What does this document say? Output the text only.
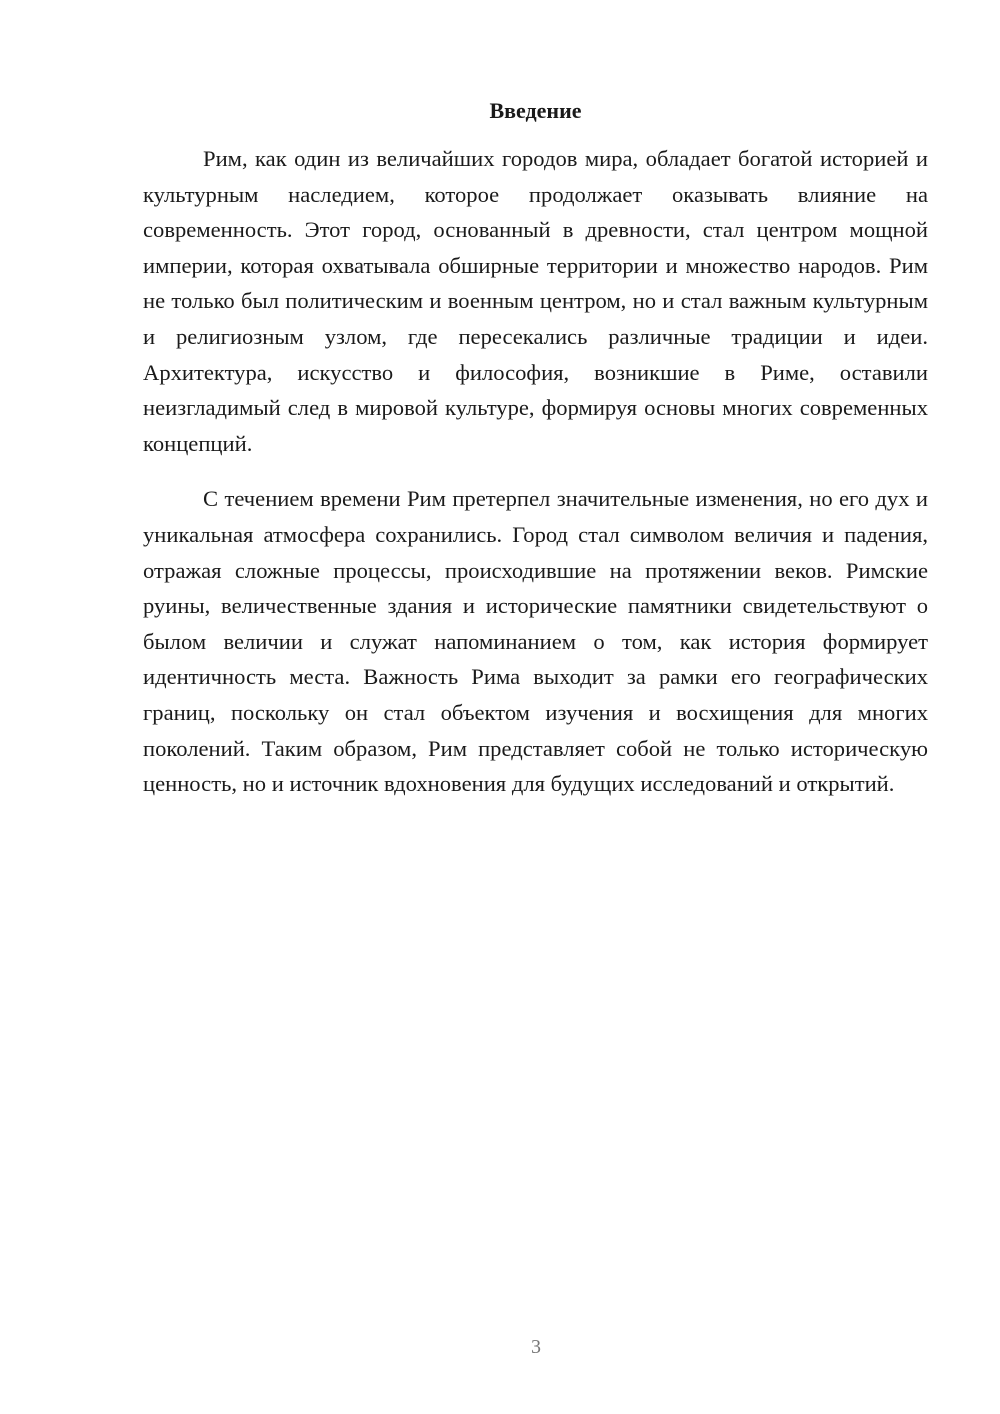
Введение

Рим, как один из величайших городов мира, обладает богатой историей и культурным наследием, которое продолжает оказывать влияние на современность. Этот город, основанный в древности, стал центром мощной империи, которая охватывала обширные территории и множество народов. Рим не только был политическим и военным центром, но и стал важным культурным и религиозным узлом, где пересекались различные традиции и идеи. Архитектура, искусство и философия, возникшие в Риме, оставили неизгладимый след в мировой культуре, формируя основы многих современных концепций.

С течением времени Рим претерпел значительные изменения, но его дух и уникальная атмосфера сохранились. Город стал символом величия и падения, отражая сложные процессы, происходившие на протяжении веков. Римские руины, величественные здания и исторические памятники свидетельствуют о былом величии и служат напоминанием о том, как история формирует идентичность места. Важность Рима выходит за рамки его географических границ, поскольку он стал объектом изучения и восхищения для многих поколений. Таким образом, Рим представляет собой не только историческую ценность, но и источник вдохновения для будущих исследований и открытий.

3
